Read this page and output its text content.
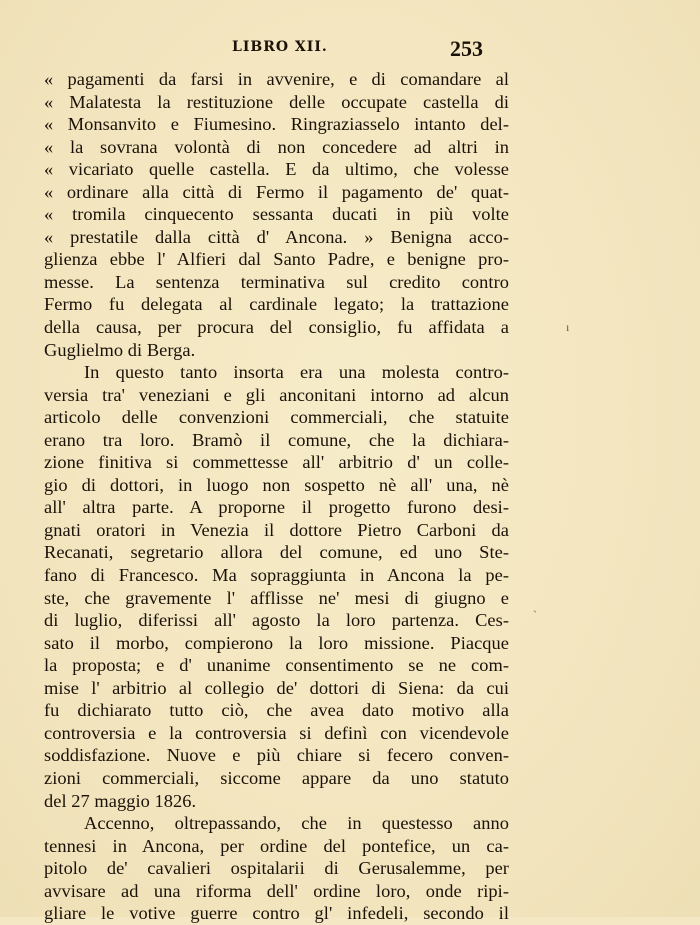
LIBRO XII.	253
« pagamenti da farsi in avvenire, e di comandare al
« Malatesta la restituzione delle occupate castella di
« Monsanvito e Fiumesino. Ringraziasselo intanto del-
« la sovrana volontà di non concedere ad altri in
« vicariato quelle castella. E da ultimo, che volesse
« ordinare alla città di Fermo il pagamento de' quat-
« tromila cinquecento sessanta ducati in più volte
« prestatile dalla città d' Ancona. » Benigna acco-
glienza ebbe l' Alfieri dal Santo Padre, e benigne pro-
messe. La sentenza terminativa sul credito contro
Fermo fu delegata al cardinale legato; la trattazione
della causa, per procura del consiglio, fu affidata a
Guglielmo di Berga.
In questo tanto insorta era una molesta contro-
versia tra' veneziani e gli anconitani intorno ad alcun
articolo delle convenzioni commerciali, che statuite
erano tra loro. Bramò il comune, che la dichiara-
zione finitiva si commettesse all' arbitrio d' un colle-
gio di dottori, in luogo non sospetto nè all' una, nè
all' altra parte. A proporne il progetto furono desi-
gnati oratori in Venezia il dottore Pietro Carboni da
Recanati, segretario allora del comune, ed uno Ste-
fano di Francesco. Ma sopraggiunta in Ancona la pe-
ste, che gravemente l' afflisse ne' mesi di giugno e
di luglio, diferissi all' agosto la loro partenza. Ces-
sato il morbo, compierono la loro missione. Piacque
la proposta; e d' unanime consentimento se ne com-
mise l' arbitrio al collegio de' dottori di Siena: da cui
fu dichiarato tutto ciò, che avea dato motivo alla
controversia e la controversia si definì con vicendevole
soddisfazione. Nuove e più chiare si fecero conven-
zioni commerciali, siccome appare da uno statuto
del 27 maggio 1826.
Accenno, oltrepassando, che in questesso anno
tennesi in Ancona, per ordine del pontefice, un ca-
pitolo de' cavalieri ospitalarii di Gerusalemme, per
avvisare ad una riforma dell' ordine loro, onde ripi-
gliare le votive guerre contro gl' infedeli, secondo il
ı
ˋ
